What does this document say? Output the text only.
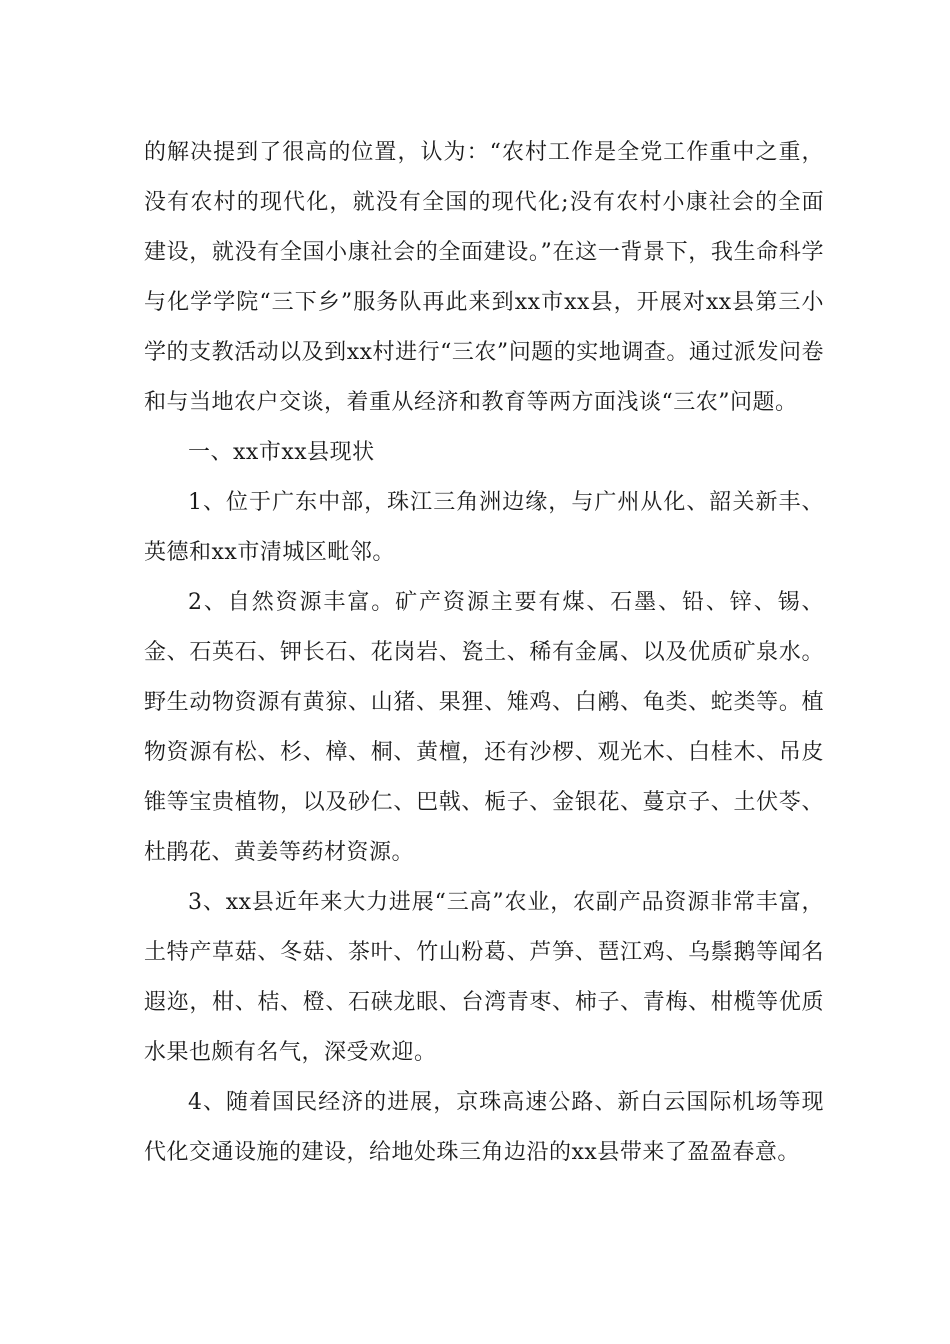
的解决提到了很高的位置，认为：“农村工作是全党工作重中之重，没有农村的现代化，就没有全国的现代化;没有农村小康社会的全面建设，就没有全国小康社会的全面建设。”在这一背景下，我生命科学与化学学院“三下乡”服务队再此来到xx市xx县，开展对xx县第三小学的支教活动以及到xx村进行“三农”问题的实地调查。通过派发问卷和与当地农户交谈，着重从经济和教育等两方面浅谈“三农”问题。

一、xx市xx县现状

1、位于广东中部，珠江三角洲边缘，与广州从化、韶关新丰、英德和xx市清城区毗邻。

2、自然资源丰富。矿产资源主要有煤、石墨、铅、锌、锡、金、石英石、钾长石、花岗岩、瓷土、稀有金属、以及优质矿泉水。野生动物资源有黄猄、山猪、果狸、雉鸡、白鹇、龟类、蛇类等。植物资源有松、杉、樟、桐、黄檀，还有沙椤、观光木、白桂木、吊皮锥等宝贵植物，以及砂仁、巴戟、栀子、金银花、蔓京子、土伏苓、杜鹃花、黄姜等药材资源。

3、xx县近年来大力进展“三高”农业，农副产品资源非常丰富，土特产草菇、冬菇、茶叶、竹山粉葛、芦笋、琶江鸡、乌鬃鹅等闻名遐迩，柑、桔、橙、石硖龙眼、台湾青枣、柿子、青梅、柑榄等优质水果也颇有名气，深受欢迎。

4、随着国民经济的进展，京珠高速公路、新白云国际机场等现代化交通设施的建设，给地处珠三角边沿的xx县带来了盈盈春意。
